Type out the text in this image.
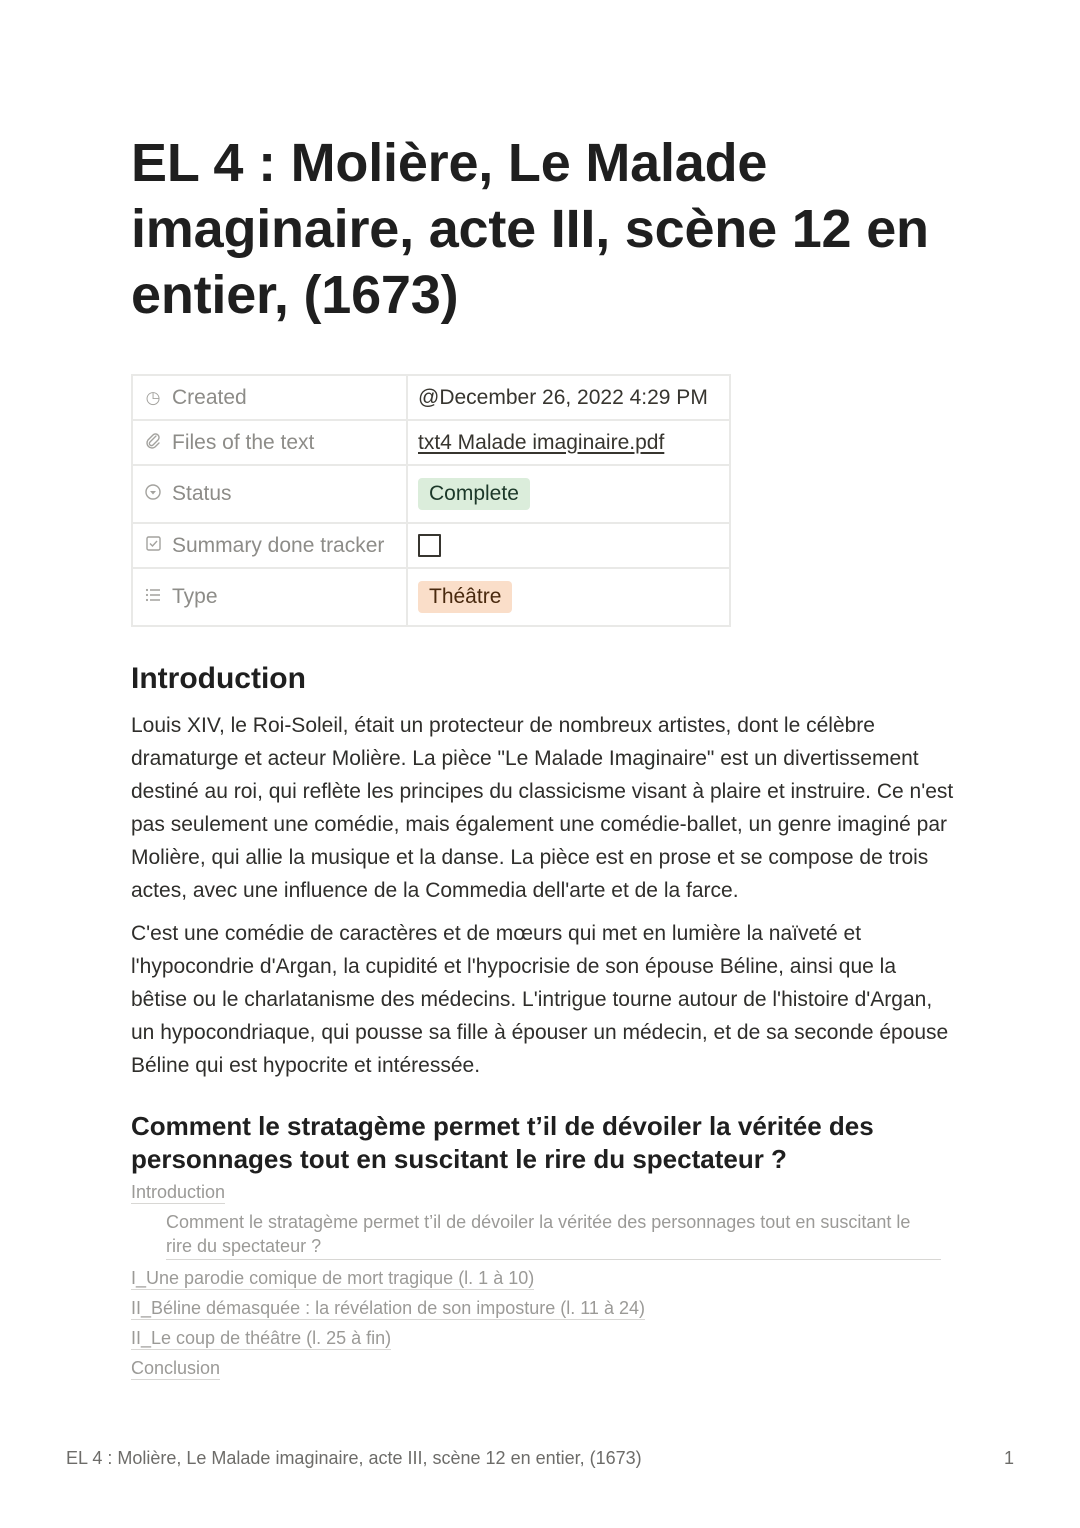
EL 4 : Molière, Le Malade imaginaire, acte III, scène 12 en entier, (1673)
◷ Created	@December 26, 2022 4:29 PM
Files of the text	txt4 Malade imaginaire.pdf
Status	Complete
Summary done tracker	
Type	Théâtre
Introduction

Louis XIV, le Roi-Soleil, était un protecteur de nombreux artistes, dont le célèbre dramaturge et acteur Molière. La pièce "Le Malade Imaginaire" est un divertissement destiné au roi, qui reflète les principes du classicisme visant à plaire et instruire. Ce n'est pas seulement une comédie, mais également une comédie-ballet, un genre imaginé par Molière, qui allie la musique et la danse. La pièce est en prose et se compose de trois actes, avec une influence de la Commedia dell'arte et de la farce.

C'est une comédie de caractères et de mœurs qui met en lumière la naïveté et l'hypocondrie d'Argan, la cupidité et l'hypocrisie de son épouse Béline, ainsi que la bêtise ou le charlatanisme des médecins. L'intrigue tourne autour de l'histoire d'Argan, un hypocondriaque, qui pousse sa fille à épouser un médecin, et de sa seconde épouse Béline qui est hypocrite et intéressée.

Comment le stratagème permet t’il de dévoiler la véritée des personnages tout en suscitant le rire du spectateur ?
Introduction
Comment le stratagème permet t’il de dévoiler la véritée des personnages tout en suscitant le rire du spectateur ?
I_Une parodie comique de mort tragique (l. 1 à 10)
II_Béline démasquée : la révélation de son imposture (l. 11 à 24)
II_Le coup de théâtre (l. 25 à fin)
Conclusion
EL 4 : Molière, Le Malade imaginaire, acte III, scène 12 en entier, (1673)	1
